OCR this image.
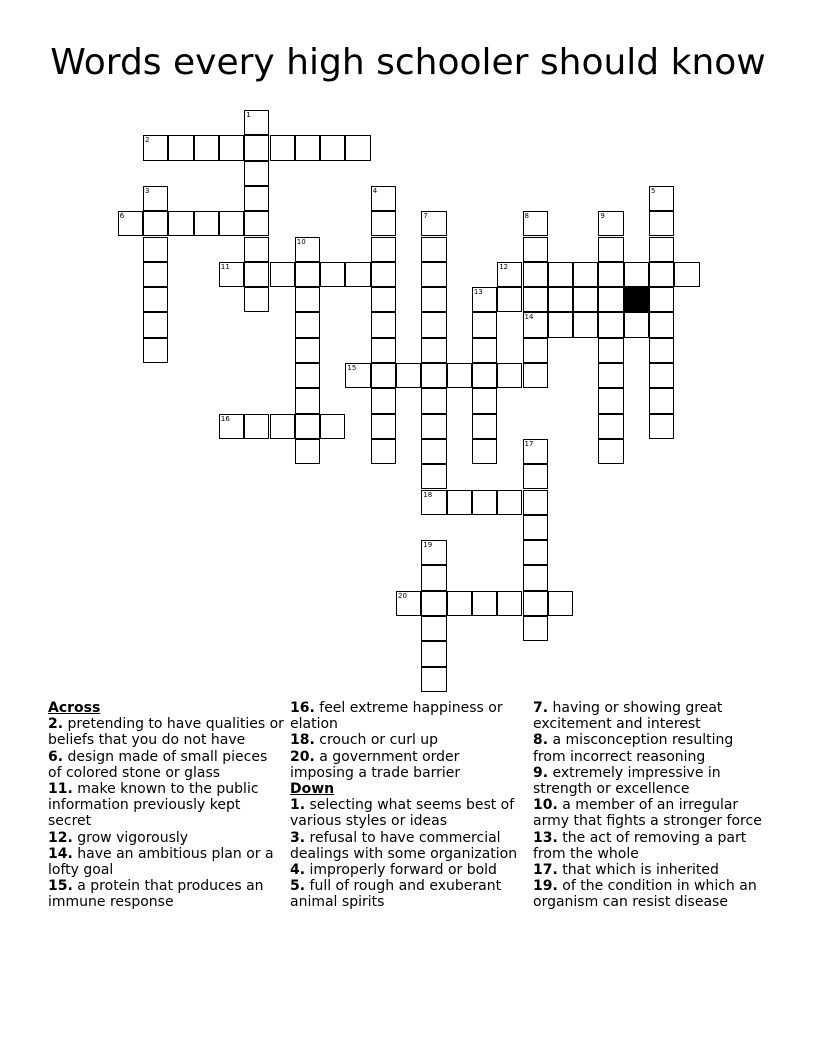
Words every high schooler should know
1
2
3	4	5
6	7
18
8
14
9
10
11	12
13
15
16
17
19
20
Across
2. pretending to have qualities or beliefs that you do not have
6. design made of small pieces of colored stone or glass
11. make known to the public information previously kept secret
12. grow vigorously
14. have an ambitious plan or a lofty goal
15. a protein that produces an immune response
16. feel extreme happiness or elation
18. crouch or curl up
20. a government order imposing a trade barrier
Down
1. selecting what seems best of various styles or ideas
3. refusal to have commercial dealings with some organization
4. improperly forward or bold
5. full of rough and exuberant animal spirits
7. having or showing great excitement and interest
8. a misconception resulting from incorrect reasoning
9. extremely impressive in strength or excellence
10. a member of an irregular army that fights a stronger force
13. the act of removing a part from the whole
17. that which is inherited
19. of the condition in which an organism can resist disease
